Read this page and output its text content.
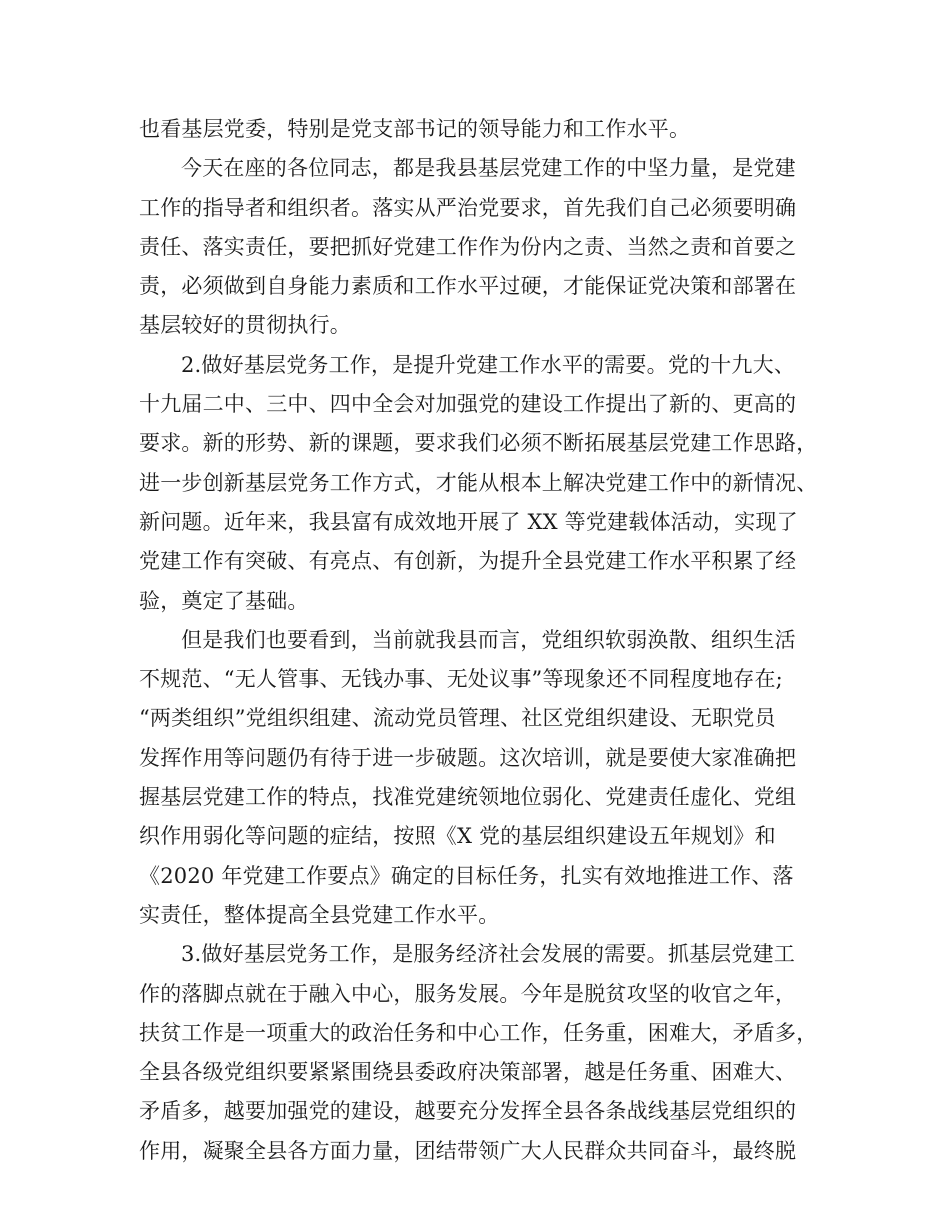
也看基层党委，特别是党支部书记的领导能力和工作水平。
今天在座的各位同志，都是我县基层党建工作的中坚力量，是党建
工作的指导者和组织者。落实从严治党要求，首先我们自己必须要明确
责任、落实责任，要把抓好党建工作作为份内之责、当然之责和首要之
责，必须做到自身能力素质和工作水平过硬，才能保证党决策和部署在
基层较好的贯彻执行。
2.做好基层党务工作，是提升党建工作水平的需要。党的十九大、
十九届二中、三中、四中全会对加强党的建设工作提出了新的、更高的
要求。新的形势、新的课题，要求我们必须不断拓展基层党建工作思路，
进一步创新基层党务工作方式，才能从根本上解决党建工作中的新情况、
新问题。近年来，我县富有成效地开展了 XX 等党建载体活动，实现了
党建工作有突破、有亮点、有创新，为提升全县党建工作水平积累了经
验，奠定了基础。
但是我们也要看到，当前就我县而言，党组织软弱涣散、组织生活
不规范、“无人管事、无钱办事、无处议事”等现象还不同程度地存在;
“两类组织”党组织组建、流动党员管理、社区党组织建设、无职党员
发挥作用等问题仍有待于进一步破题。这次培训，就是要使大家准确把
握基层党建工作的特点，找准党建统领地位弱化、党建责任虚化、党组
织作用弱化等问题的症结，按照《X 党的基层组织建设五年规划》和
《2020 年党建工作要点》确定的目标任务，扎实有效地推进工作、落
实责任，整体提高全县党建工作水平。
3.做好基层党务工作，是服务经济社会发展的需要。抓基层党建工
作的落脚点就在于融入中心，服务发展。今年是脱贫攻坚的收官之年，
扶贫工作是一项重大的政治任务和中心工作，任务重，困难大，矛盾多，
全县各级党组织要紧紧围绕县委政府决策部署，越是任务重、困难大、
矛盾多，越要加强党的建设，越要充分发挥全县各条战线基层党组织的
作用，凝聚全县各方面力量，团结带领广大人民群众共同奋斗，最终脱
